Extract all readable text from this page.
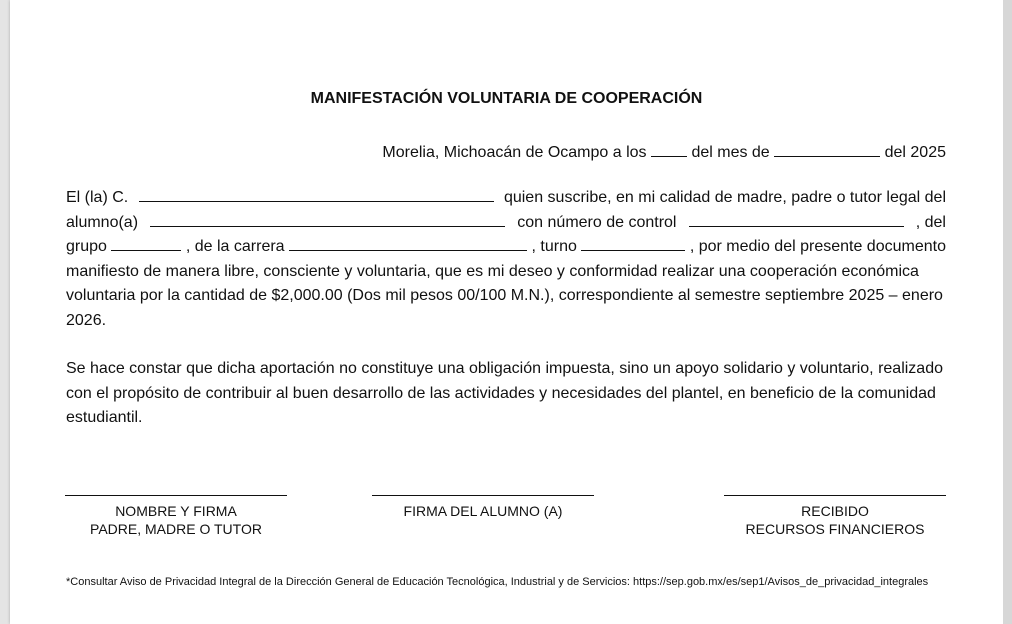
MANIFESTACIÓN VOLUNTARIA DE COOPERACIÓN
Morelia, Michoacán de Ocampo a los	del mes de	del 2025
El (la) C.	quien suscribe, en mi calidad de madre, padre o tutor legal del
alumno(a)	con número de control	, del
grupo	, de la carrera	, turno	, por medio del presente documento
manifiesto de manera libre, consciente y voluntaria, que es mi deseo y conformidad realizar una cooperación económica
voluntaria por la cantidad de $2,000.00 (Dos mil pesos 00/100 M.N.), correspondiente al semestre septiembre 2025 – enero
2026.
Se hace constar que dicha aportación no constituye una obligación impuesta, sino un apoyo solidario y voluntario, realizado
con el propósito de contribuir al buen desarrollo de las actividades y necesidades del plantel, en beneficio de la comunidad
estudiantil.
NOMBRE Y FIRMA
PADRE, MADRE O TUTOR
FIRMA DEL ALUMNO (A)	RECIBIDO
RECURSOS FINANCIEROS
*Consultar Aviso de Privacidad Integral de la Dirección General de Educación Tecnológica, Industrial y de Servicios: https://sep.gob.mx/es/sep1/Avisos_de_privacidad_integrales
